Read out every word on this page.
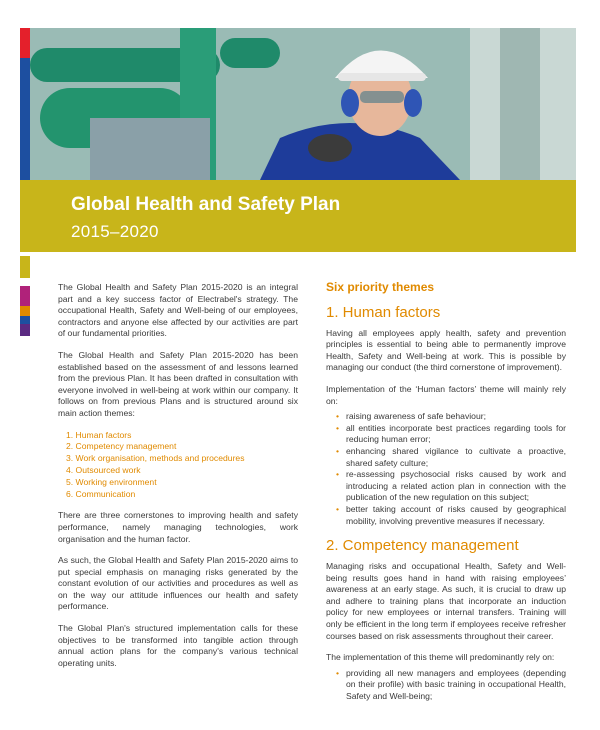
Global Health and Safety Plan
2015–2020

The Global Health and Safety Plan 2015-2020 is an integral part and a key success factor of Electrabel's strategy. The occupational Health, Safety and Well-being of our employees, contractors and anyone else affected by our activities are part of our fundamental priorities.

The Global Health and Safety Plan 2015-2020 has been established based on the assessment of and lessons learned from the previous Plan. It has been drafted in consultation with everyone involved in well-being at work within our company. It follows on from previous Plans and is structured around six main action themes:

1. Human factors
2. Competency management
3. Work organisation, methods and procedures
4. Outsourced work
5. Working environment
6. Communication

There are three cornerstones to improving health and safety performance, namely managing technologies, work organisation and the human factor.

As such, the Global Health and Safety Plan 2015-2020 aims to put special emphasis on managing risks generated by the constant evolution of our activities and procedures as well as on the way our attitude influences our health and safety performance.

The Global Plan's structured implementation calls for these objectives to be transformed into tangible action through annual action plans for the company's various technical operating units.

Six priority themes
1. Human factors

Having all employees apply health, safety and prevention principles is essential to being able to permanently improve Health, Safety and Well-being at work. This is possible by managing our conduct (the third cornerstone of improvement).

Implementation of the ‘Human factors’ theme will mainly rely on:

• raising awareness of safe behaviour;
• all entities incorporate best practices regarding tools for reducing human error;
• enhancing shared vigilance to cultivate a proactive, shared safety culture;
• re-assessing psychosocial risks caused by work and introducing a related action plan in connection with the publication of the new regulation on this subject;
• better taking account of risks caused by geographical mobility, involving preventive measures if necessary.
2. Competency management

Managing risks and occupational Health, Safety and Well-being results goes hand in hand with raising employees’ awareness at an early stage. As such, it is crucial to draw up and adhere to training plans that incorporate an induction policy for new employees or internal transfers. Training will only be efficient in the long term if employees receive refresher courses based on risk assessments throughout their career.

The implementation of this theme will predominantly rely on:

• providing all new managers and employees (depending on their profile) with basic training in occupational Health, Safety and Well-being;
